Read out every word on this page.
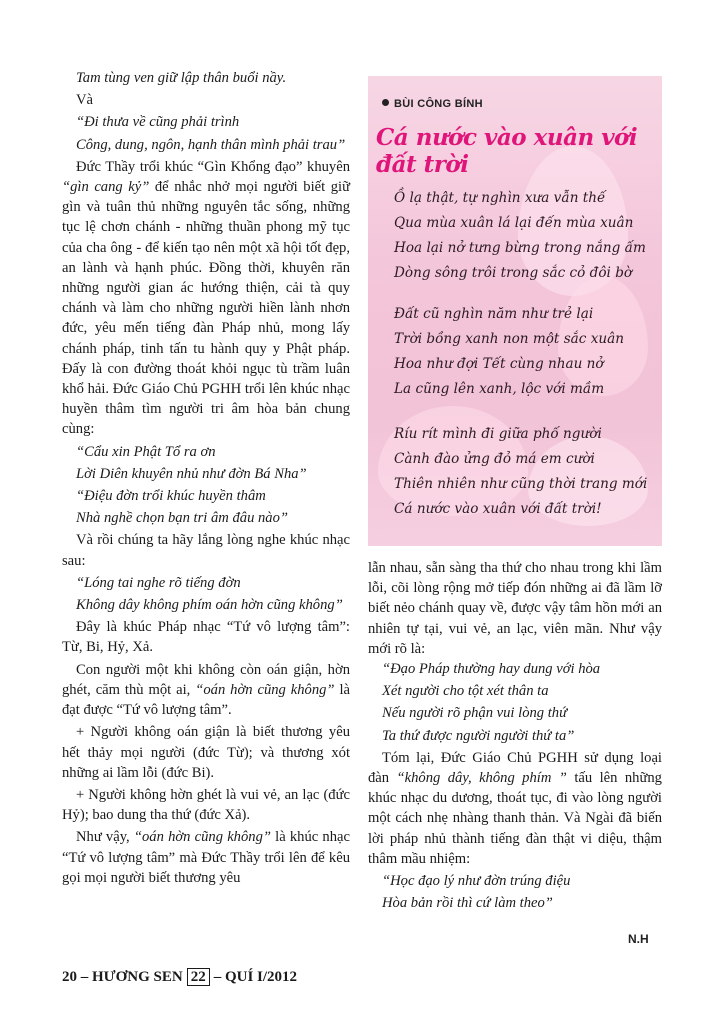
Tam tùng ven giữ lập thân buổi nầy.

Và

“Đi thưa về cũng phải trình

Công, dung, ngôn, hạnh thân mình phải trau”

Đức Thầy trổi khúc “Gìn Khổng đạo” khuyên “gìn cang kỷ” để nhắc nhở mọi người biết giữ gìn và tuân thủ những nguyên tắc sống, những tục lệ chơn chánh - những thuần phong mỹ tục của cha ông - để kiến tạo nên một xã hội tốt đẹp, an lành và hạnh phúc. Đồng thời, khuyên răn những người gian ác hướng thiện, cải tà quy chánh và làm cho những người hiền lành nhơn đức, yêu mến tiếng đàn Pháp nhủ, mong lấy chánh pháp, tinh tấn tu hành quy y Phật pháp. Đấy là con đường thoát khỏi ngục tù trầm luân khổ hải. Đức Giáo Chủ PGHH trổi lên khúc nhạc huyền thâm tìm người tri âm hòa bản chung cùng:

“Cẩu xin Phật Tổ ra ơn

Lời Diên khuyên nhủ như đờn Bá Nha”

“Điệu đờn trổi khúc huyền thâm

Nhà nghề chọn bạn tri âm đâu nào”

Và rồi chúng ta hãy lắng lòng nghe khúc nhạc sau:

“Lóng tai nghe rõ tiếng đờn

Không dây không phím oán hờn cũng không”

Đây là khúc Pháp nhạc “Tứ vô lượng tâm”: Từ, Bi, Hỷ, Xả.

Con người một khi không còn oán giận, hờn ghét, căm thù một ai, “oán hờn cũng không” là đạt được “Tứ vô lượng tâm”.

+ Người không oán giận là biết thương yêu hết thảy mọi người (đức Từ); và thương xót những ai lầm lỗi (đức Bi).

+ Người không hờn ghét là vui vẻ, an lạc (đức Hỷ); bao dung tha thứ (đức Xả).

Như vậy, “oán hờn cũng không” là khúc nhạc “Tứ vô lượng tâm” mà Đức Thầy trổi lên để kêu gọi mọi người biết thương yêu

BÙI CÔNG BÍNH
Cá nước vào xuân với đất trời
Ồ lạ thật, tự nghìn xưa vẫn thế
Qua mùa xuân lá lại đến mùa xuân
Hoa lại nở tưng bừng trong nắng ấm
Dòng sông trôi trong sắc cỏ đôi bờ
Đất cũ nghìn năm như trẻ lại
Trời bồng xanh non một sắc xuân
Hoa như đợi Tết cùng nhau nở
La cũng lên xanh, lộc với mầm
Ríu rít mình đi giữa phố người
Cành đào ửng đỏ má em cười
Thiên nhiên như cũng thời trang mới
Cá nước vào xuân với đất trời!

lẫn nhau, sẵn sàng tha thứ cho nhau trong khi lầm lỗi, cõi lòng rộng mở tiếp đón những ai đã lầm lỡ biết nẻo chánh quay về, được vậy tâm hồn mới an nhiên tự tại, vui vẻ, an lạc, viên mãn. Như vậy mới rõ là:

“Đạo Pháp thường hay dung với hòa

Xét người cho tột xét thân ta

Nếu người rõ phận vui lòng thứ

Ta thứ được người người thứ ta”

Tóm lại, Đức Giáo Chủ PGHH sử dụng loại đàn “không dây, không phím ” tấu lên những khúc nhạc du dương, thoát tục, đi vào lòng người một cách nhẹ nhàng thanh thản. Và Ngài đã biến lời pháp nhủ thành tiếng đàn thật vi diệu, thậm thâm mầu nhiệm:

“Học đạo lý như đờn trúng điệu

Hòa bản rồi thì cứ làm theo”

N.H
20 – HƯƠNG SEN 22 – QUÍ I/2012
